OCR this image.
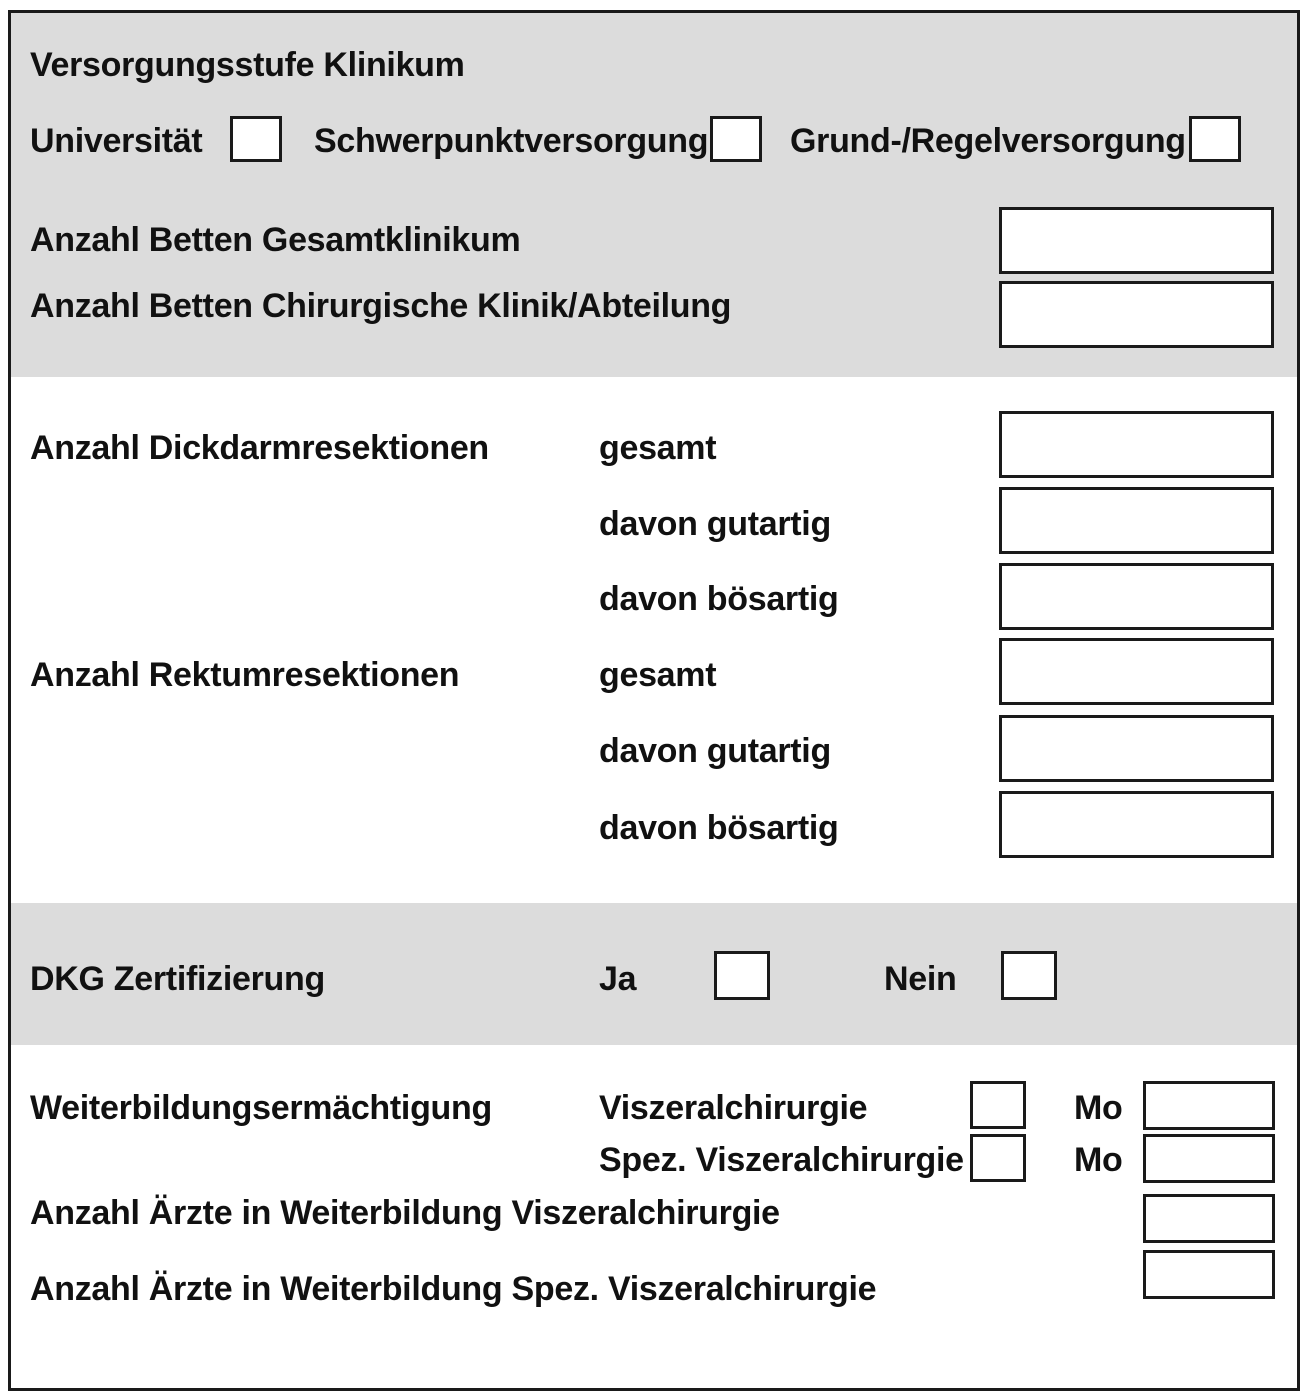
Versorgungsstufe Klinikum
Universität	Schwerpunktversorgung Grund-/Regelversorgung
Anzahl Betten Gesamtklinikum
Anzahl Betten Chirurgische Klinik/Abteilung
Anzahl Dickdarmresektionen	gesamt
davon gutartig
davon bösartig
Anzahl Rektumresektionen	gesamt
davon gutartig
davon bösartig
DKG Zertifizierung	Ja	Nein
Weiterbildungsermächtigung	Viszeralchirurgie	Mo
Spez. Viszeralchirurgie	Mo
Anzahl Ärzte in Weiterbildung Viszeralchirurgie
Anzahl Ärzte in Weiterbildung Spez. Viszeralchirurgie
